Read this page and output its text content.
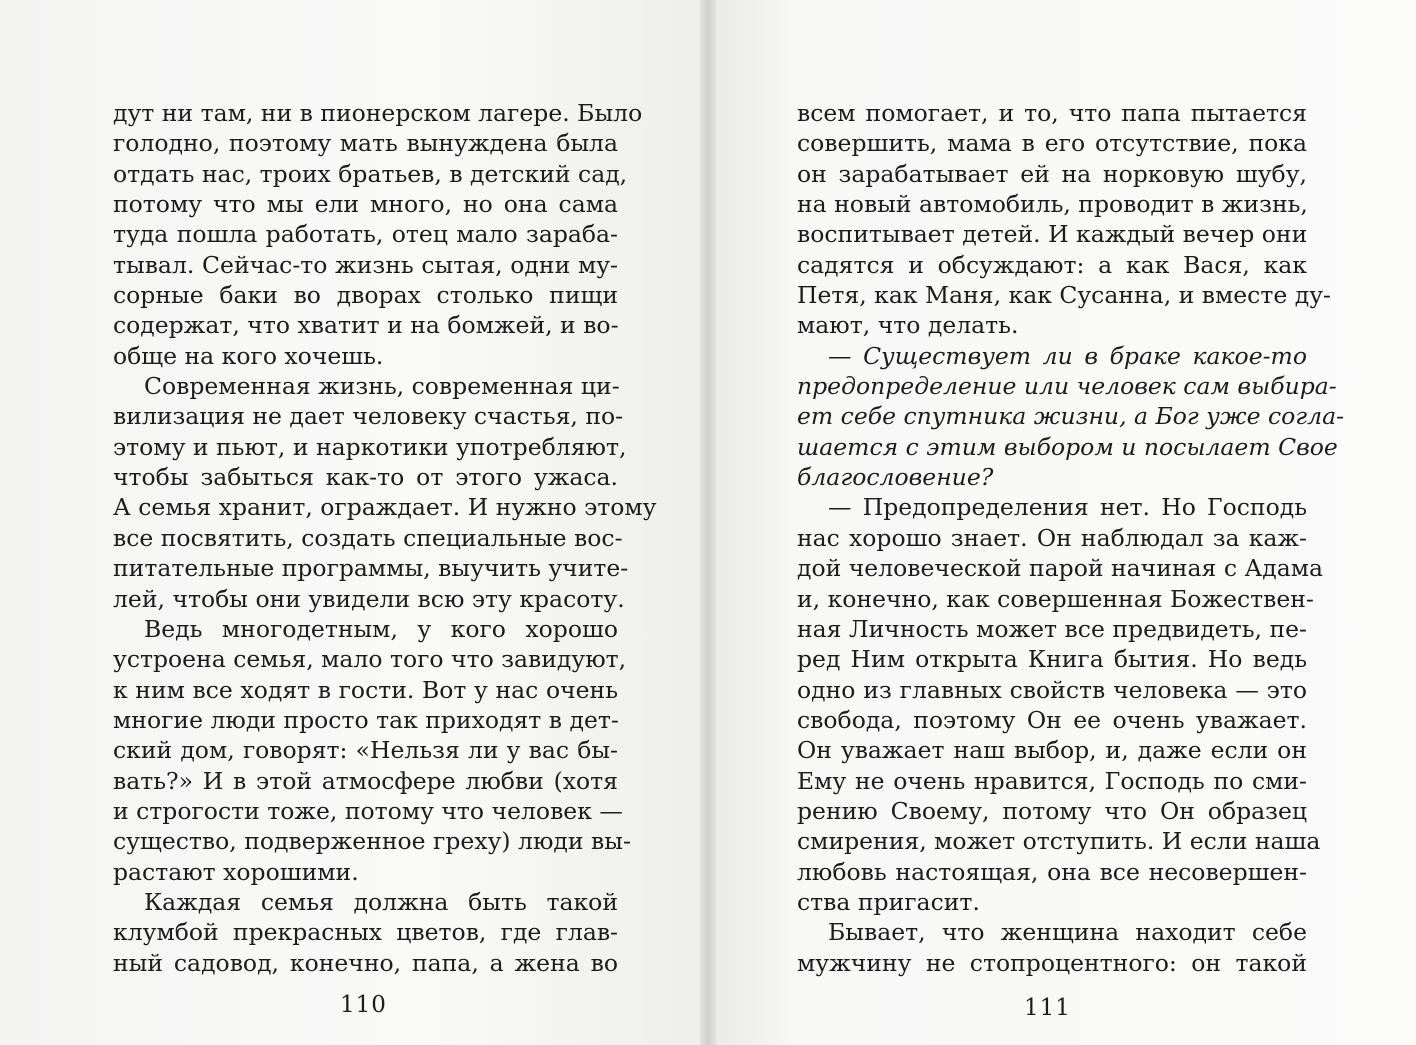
дут ни там, ни в пионерском лагере. Было
голодно, поэтому мать вынуждена была
отдать нас, троих братьев, в детский сад,
потому что мы ели много, но она сама
туда пошла работать, отец мало зараба-
тывал. Сейчас-то жизнь сытая, одни му-
сорные баки во дворах столько пищи
содержат, что хватит и на бомжей, и во-
обще на кого хочешь.
Современная жизнь, современная ци-
вилизация не дает человеку счастья, по-
этому и пьют, и наркотики употребляют,
чтобы забыться как-то от этого ужаса.
А семья хранит, ограждает. И нужно этому
все посвятить, создать специальные вос-
питательные программы, выучить учите-
лей, чтобы они увидели всю эту красоту.
Ведь многодетным, у кого хорошо
устроена семья, мало того что завидуют,
к ним все ходят в гости. Вот у нас очень
многие люди просто так приходят в дет-
ский дом, говорят: «Нельзя ли у вас бы-
вать?» И в этой атмосфере любви (хотя
и строгости тоже, потому что человек —
существо, подверженное греху) люди вы-
растают хорошими.
Каждая семья должна быть такой
клумбой прекрасных цветов, где глав-
ный садовод, конечно, папа, а жена во
всем помогает, и то, что папа пытается
совершить, мама в его отсутствие, пока
он зарабатывает ей на норковую шубу,
на новый автомобиль, проводит в жизнь,
воспитывает детей. И каждый вечер они
садятся и обсуждают: а как Вася, как
Петя, как Маня, как Сусанна, и вместе ду-
мают, что делать.
— Существует ли в браке какое-то
предопределение или человек сам выбира-
ет себе спутника жизни, а Бог уже согла-
шается с этим выбором и посылает Свое
благословение?
— Предопределения нет. Но Господь
нас хорошо знает. Он наблюдал за каж-
дой человеческой парой начиная с Адама
и, конечно, как совершенная Божествен-
ная Личность может все предвидеть, пе-
ред Ним открыта Книга бытия. Но ведь
одно из главных свойств человека — это
свобода, поэтому Он ее очень уважает.
Он уважает наш выбор, и, даже если он
Ему не очень нравится, Господь по сми-
рению Своему, потому что Он образец
смирения, может отступить. И если наша
любовь настоящая, она все несовершен-
ства пригасит.
Бывает, что женщина находит себе
мужчину не стопроцентного: он такой
110	111
